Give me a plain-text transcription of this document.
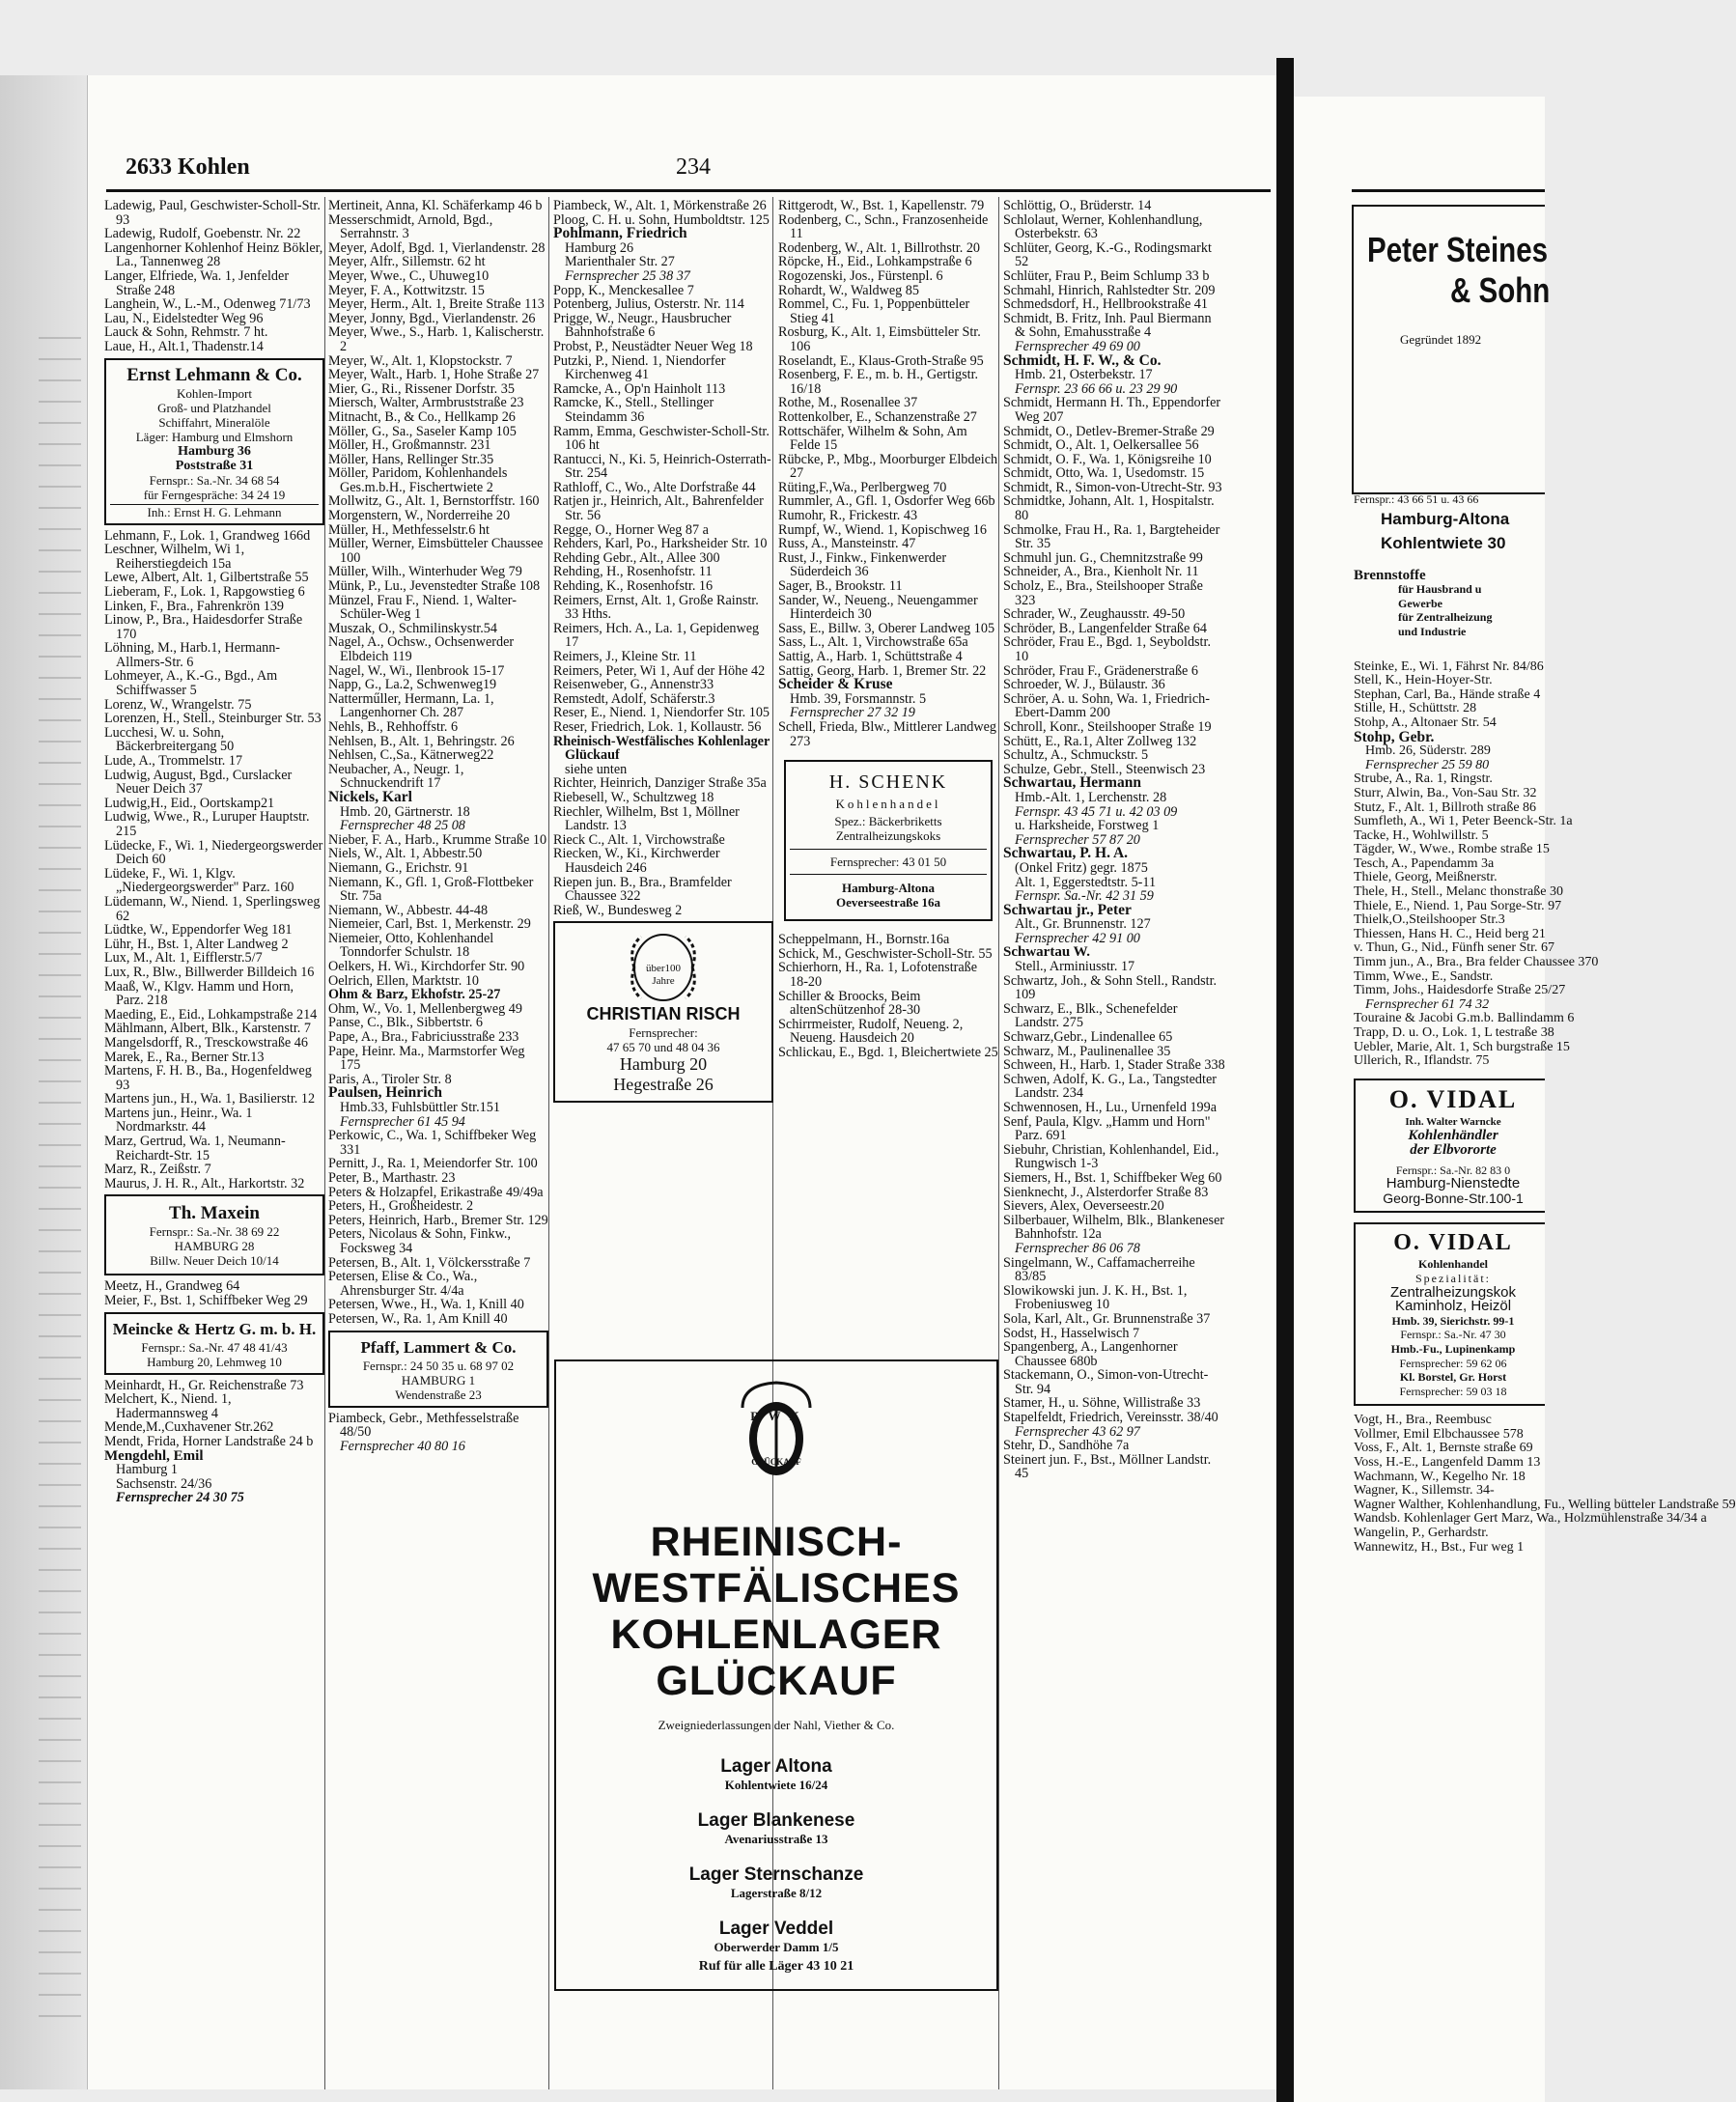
2633 Kohlen	234
Ladewig, Paul, Geschwister-Scholl-Str. 93
Ladewig, Rudolf, Goebenstr. Nr. 22
Langenhorner Kohlenhof Heinz Bökler, La., Tannenweg 28
Langer, Elfriede, Wa. 1, Jenfelder Straße 248
Langhein, W., L.-M., Odenweg 71/73
Lau, N., Eidelstedter Weg 96
Lauck & Sohn, Rehmstr. 7 ht.
Laue, H., Alt.1, Thadenstr.14
Ernst Lehmann & Co.
Kohlen-Import
Groß- und Platzhandel
Schiffahrt, Mineralöle
Läger: Hamburg und Elmshorn
Hamburg 36
Poststraße 31
Fernspr.: Sa.-Nr. 34 68 54
für Ferngespräche: 34 24 19
Inh.: Ernst H. G. Lehmann
Lehmann, F., Lok. 1, Grandweg 166d
Leschner, Wilhelm, Wi 1, Reiherstiegdeich 15a
Lewe, Albert, Alt. 1, Gilbertstraße 55
Lieberam, F., Lok. 1, Rapgowstieg 6
Linken, F., Bra., Fahrenkrön 139
Linow, P., Bra., Haidesdorfer Straße 170
Löhning, M., Harb.1, Hermann-Allmers-Str. 6
Lohmeyer, A., K.-G., Bgd., Am Schiffwasser 5
Lorenz, W., Wrangelstr. 75
Lorenzen, H., Stell., Steinburger Str. 53
Lucchesi, W. u. Sohn, Bäckerbreitergang 50
Lude, A., Trommelstr. 17
Ludwig, August, Bgd., Curslacker Neuer Deich 37
Ludwig,H., Eid., Oortskamp21
Ludwig, Wwe., R., Luruper Hauptstr. 215
Lüdecke, F., Wi. 1, Niedergeorgswerder Deich 60
Lüdeke, F., Wi. 1, Klgv. „Niedergeorgswerder" Parz. 160
Lüdemann, W., Niend. 1, Sperlingsweg 62
Lüdtke, W., Eppendorfer Weg 181
Lühr, H., Bst. 1, Alter Landweg 2
Lux, M., Alt. 1, Eifflerstr.5/7
Lux, R., Blw., Billwerder Billdeich 16
Maaß, W., Klgv. Hamm und Horn, Parz. 218
Maeding, E., Eid., Lohkampstraße 214
Mählmann, Albert, Blk., Karstenstr. 7
Mangelsdorff, R., Tresckowstraße 46
Marek, E., Ra., Berner Str.13
Martens, F. H. B., Ba., Hogenfeldweg 93
Martens jun., H., Wa. 1, Basilierstr. 12
Martens jun., Heinr., Wa. 1 Nordmarkstr. 44
Marz, Gertrud, Wa. 1, Neumann-Reichardt-Str. 15
Marz, R., Zeißstr. 7
Maurus, J. H. R., Alt., Harkortstr. 32
Th. Maxein
Fernspr.: Sa.-Nr. 38 69 22
HAMBURG 28
Billw. Neuer Deich 10/14
Meetz, H., Grandweg 64
Meier, F., Bst. 1, Schiffbeker Weg 29
Meincke & Hertz G. m. b. H.
Fernspr.: Sa.-Nr. 47 48 41/43
Hamburg 20, Lehmweg 10
Meinhardt, H., Gr. Reichenstraße 73
Melchert, K., Niend. 1, Hadermannsweg 4
Mende,M.,Cuxhavener Str.262
Mendt, Frida, Horner Landstraße 24 b
Mengdehl, Emil
Hamburg 1
Sachsenstr. 24/36
Fernsprecher 24 30 75
Mertineit, Anna, Kl. Schäferkamp 46 b
Messerschmidt, Arnold, Bgd., Serrahnstr. 3
Meyer, Adolf, Bgd. 1, Vierlandenstr. 28
Meyer, Alfr., Sillemstr. 62 ht
Meyer, Wwe., C., Uhuweg10
Meyer, F. A., Kottwitzstr. 15
Meyer, Herm., Alt. 1, Breite Straße 113
Meyer, Jonny, Bgd., Vierlandenstr. 26
Meyer, Wwe., S., Harb. 1, Kalischerstr. 2
Meyer, W., Alt. 1, Klopstockstr. 7
Meyer, Walt., Harb. 1, Hohe Straße 27
Mier, G., Ri., Rissener Dorfstr. 35
Miersch, Walter, Armbruststraße 23
Mitnacht, B., & Co., Hellkamp 26
Möller, G., Sa., Saseler Kamp 105
Möller, H., Großmannstr. 231
Möller, Hans, Rellinger Str.35
Möller, Paridom, Kohlenhandels Ges.m.b.H., Fischertwiete 2
Mollwitz, G., Alt. 1, Bernstorffstr. 160
Morgenstern, W., Norderreihe 20
Müller, H., Methfesselstr.6 ht
Müller, Werner, Eimsbütteler Chaussee 100
Müller, Wilh., Winterhuder Weg 79
Münk, P., Lu., Jevenstedter Straße 108
Münzel, Frau F., Niend. 1, Walter-Schüler-Weg 1
Muszak, O., Schmilinskystr.54
Nagel, A., Ochsw., Ochsenwerder Elbdeich 119
Nagel, W., Wi., Ilenbrook 15-17
Napp, G., La.2, Schwenweg19
Natterműller, Hermann, La. 1, Langenhorner Ch. 287
Nehls, B., Rehhoffstr. 6
Nehlsen, B., Alt. 1, Behringstr. 26
Nehlsen, C.,Sa., Kätnerweg22
Neubacher, A., Neugr. 1, Schnuckendrift 17
Nickels, Karl
Hmb. 20, Gärtnerstr. 18
Fernsprecher 48 25 08
Nieber, F. A., Harb., Krumme Straße 10
Niels, W., Alt. 1, Abbestr.50
Niemann, G., Erichstr. 91
Niemann, K., Gfl. 1, Groß-Flottbeker Str. 75a
Niemann, W., Abbestr. 44-48
Niemeier, Carl, Bst. 1, Merkenstr. 29
Niemeier, Otto, Kohlenhandel Tonndorfer Schulstr. 18
Oelkers, H. Wi., Kirchdorfer Str. 90
Oelrich, Ellen, Marktstr. 10
Ohm & Barz, Ekhofstr. 25-27
Ohm, W., Vo. 1, Mellenbergweg 49
Panse, C., Blk., Sibbertstr. 6
Pape, A., Bra., Fabriciusstraße 233
Pape, Heinr. Ma., Marmstorfer Weg 175
Paris, A., Tiroler Str. 8
Paulsen, Heinrich
Hmb.33, Fuhlsbüttler Str.151
Fernsprecher 61 45 94
Perkowic, C., Wa. 1, Schiffbeker Weg 331
Pernitt, J., Ra. 1, Meiendorfer Str. 100
Peter, B., Marthastr. 23
Peters & Holzapfel, Erikastraße 49/49a
Peters, H., Großheidestr. 2
Peters, Heinrich, Harb., Bremer Str. 129
Peters, Nicolaus & Sohn, Finkw., Focksweg 34
Petersen, B., Alt. 1, Völckersstraße 7
Petersen, Elise & Co., Wa., Ahrensburger Str. 4/4a
Petersen, Wwe., H., Wa. 1, Knill 40
Petersen, W., Ra. 1, Am Knill 40
Pfaff, Lammert & Co.
Fernspr.: 24 50 35 u. 68 97 02
HAMBURG 1
Wendenstraße 23
Piambeck, Gebr., Methfesselstraße 48/50
Fernsprecher 40 80 16
Piambeck, W., Alt. 1, Mörkenstraße 26
Ploog, C. H. u. Sohn, Humboldtstr. 125
Pohlmann, Friedrich
Hamburg 26
Marienthaler Str. 27
Fernsprecher 25 38 37
Popp, K., Menckesallee 7
Potenberg, Julius, Osterstr. Nr. 114
Prigge, W., Neugr., Hausbrucher Bahnhofstraße 6
Probst, P., Neustädter Neuer Weg 18
Putzki, P., Niend. 1, Niendorfer Kirchenweg 41
Ramcke, A., Op'n Hainholt 113
Ramcke, K., Stell., Stellinger Steindamm 36
Ramm, Emma, Geschwister-Scholl-Str. 106 ht
Rantucci, N., Ki. 5, Heinrich-Osterrath-Str. 254
Rathloff, C., Wo., Alte Dorfstraße 44
Ratjen jr., Heinrich, Alt., Bahrenfelder Str. 56
Regge, O., Horner Weg 87 a
Rehders, Karl, Po., Harksheider Str. 10
Rehding Gebr., Alt., Allee 300
Rehding, H., Rosenhofstr. 11
Rehding, K., Rosenhofstr. 16
Reimers, Ernst, Alt. 1, Große Rainstr. 33 Hths.
Reimers, Hch. A., La. 1, Gepidenweg 17
Reimers, J., Kleine Str. 11
Reimers, Peter, Wi 1, Auf der Höhe 42
Reisenweber, G., Annenstr33
Remstedt, Adolf, Schäferstr.3
Reser, E., Niend. 1, Niendorfer Str. 105
Reser, Friedrich, Lok. 1, Kollaustr. 56
Rheinisch-Westfälisches Kohlenlager Glückauf
siehe unten
Richter, Heinrich, Danziger Straße 35a
Riebesell, W., Schultzweg 18
Riechler, Wilhelm, Bst 1, Möllner Landstr. 13
Rieck C., Alt. 1, Virchowstraße
Riecken, W., Ki., Kirchwerder Hausdeich 246
Riepen jun. B., Bra., Bramfelder Chaussee 322
Rieß, W., Bundesweg 2
über100
Jahre
CHRISTIAN RISCH
Fernsprecher:
47 65 70 und 48 04 36
Hamburg 20
Hegestraße 26
Rittgerodt, W., Bst. 1, Kapellenstr. 79
Rodenberg, C., Schn., Franzosenheide 11
Rodenberg, W., Alt. 1, Billrothstr. 20
Röpcke, H., Eid., Lohkampstraße 6
Rogozenski, Jos., Fürstenpl. 6
Rohardt, W., Waldweg 85
Rommel, C., Fu. 1, Poppenbütteler Stieg 41
Rosburg, K., Alt. 1, Eimsbütteler Str. 106
Roselandt, E., Klaus-Groth-Straße 95
Rosenberg, F. E., m. b. H., Gertigstr. 16/18
Rothe, M., Rosenallee 37
Rottenkolber, E., Schanzenstraße 27
Rottschäfer, Wilhelm & Sohn, Am Felde 15
Rübcke, P., Mbg., Moorburger Elbdeich 27
Rüting,F.,Wa., Perlbergweg 70
Rummler, A., Gfl. 1, Osdorfer Weg 66b
Rumohr, R., Frickestr. 43
Rumpf, W., Wiend. 1, Kopischweg 16
Russ, A., Mansteinstr. 47
Rust, J., Finkw., Finkenwerder Süderdeich 36
Sager, B., Brookstr. 11
Sander, W., Neueng., Neuengammer Hinterdeich 30
Sass, E., Billw. 3, Oberer Landweg 105
Sass, L., Alt. 1, Virchowstraße 65a
Sattig, A., Harb. 1, Schüttstraße 4
Sattig, Georg, Harb. 1, Bremer Str. 22
Scheider & Kruse
Hmb. 39, Forsmannstr. 5
Fernsprecher 27 32 19
Schell, Frieda, Blw., Mittlerer Landweg 273
H. SCHENK
Kohlenhandel
Spez.: Bäckerbriketts
Zentralheizungskoks
Fernsprecher: 43 01 50
Hamburg-Altona
Oeverseestraße 16a
Scheppelmann, H., Bornstr.16a
Schick, M., Geschwister-Scholl-Str. 55
Schierhorn, H., Ra. 1, Lofotenstraße 18-20
Schiller & Broocks, Beim altenSchützenhof 28-30
Schirrmeister, Rudolf, Neueng. 2, Neueng. Hausdeich 20
Schlickau, E., Bgd. 1, Bleichertwiete 25
R W K
GLÜCKAUF
RHEINISCH-
WESTFÄLISCHES
KOHLENLAGER
GLÜCKAUF
Zweigniederlassungen der Nahl, Viether & Co.
Lager Altona
Kohlentwiete 16/24
Lager Blankenese
Avenariusstraße 13
Lager Sternschanze
Lagerstraße 8/12
Lager Veddel
Oberwerder Damm 1/5
Ruf für alle Läger 43 10 21
Schlöttig, O., Brüderstr. 14
Schlolaut, Werner, Kohlenhandlung, Osterbekstr. 63
Schlüter, Georg, K.-G., Rodingsmarkt 52
Schlüter, Frau P., Beim Schlump 33 b
Schmahl, Hinrich, Rahlstedter Str. 209
Schmedsdorf, H., Hellbrookstraße 41
Schmidt, B. Fritz, Inh. Paul Biermann & Sohn, Emahusstraße 4
Fernsprecher 49 69 00
Schmidt, H. F. W., & Co.
Hmb. 21, Osterbekstr. 17
Fernspr. 23 66 66 u. 23 29 90
Schmidt, Hermann H. Th., Eppendorfer Weg 207
Schmidt, O., Detlev-Bremer-Straße 29
Schmidt, O., Alt. 1, Oelkersallee 56
Schmidt, O. F., Wa. 1, Königsreihe 10
Schmidt, Otto, Wa. 1, Usedomstr. 15
Schmidt, R., Simon-von-Utrecht-Str. 93
Schmidtke, Johann, Alt. 1, Hospitalstr. 80
Schmolke, Frau H., Ra. 1, Bargteheider Str. 35
Schmuhl jun. G., Chemnitzstraße 99
Schneider, A., Bra., Kienholt Nr. 11
Scholz, E., Bra., Steilshooper Straße 323
Schrader, W., Zeughausstr. 49-50
Schröder, B., Langenfelder Straße 64
Schröder, Frau E., Bgd. 1, Seyboldstr. 10
Schröder, Frau F., Grädenerstraße 6
Schroeder, W. J., Bülaustr. 36
Schröer, A. u. Sohn, Wa. 1, Friedrich-Ebert-Damm 200
Schroll, Konr., Steilshooper Straße 19
Schütt, E., Ra.1, Alter Zollweg 132
Schultz, A., Schmuckstr. 5
Schulze, Gebr., Stell., Steenwisch 23
Schwartau, Hermann
Hmb.-Alt. 1, Lerchenstr. 28
Fernspr. 43 45 71 u. 42 03 09
u. Harksheide, Forstweg 1
Fernsprecher 57 87 20
Schwartau, P. H. A.
(Onkel Fritz) gegr. 1875
Alt. 1, Eggerstedtstr. 5-11
Fernspr. Sa.-Nr. 42 31 59
Schwartau jr., Peter
Alt., Gr. Brunnenstr. 127
Fernsprecher 42 91 00
Schwartau W.
Stell., Arminiusstr. 17
Schwartz, Joh., & Sohn Stell., Randstr. 109
Schwarz, E., Blk., Schenefelder Landstr. 275
Schwarz,Gebr., Lindenallee 65
Schwarz, M., Paulinenallee 35
Schween, H., Harb. 1, Stader Straße 338
Schwen, Adolf, K. G., La., Tangstedter Landstr. 234
Schwennosen, H., Lu., Urnenfeld 199a
Senf, Paula, Klgv. „Hamm und Horn" Parz. 691
Siebuhr, Christian, Kohlenhandel, Eid., Rungwisch 1-3
Siemers, H., Bst. 1, Schiffbeker Weg 60
Sienknecht, J., Alsterdorfer Straße 83
Sievers, Alex, Oeverseestr.20
Silberbauer, Wilhelm, Blk., Blankeneser Bahnhofstr. 12a
Fernsprecher 86 06 78
Singelmann, W., Caffamacherreihe 83/85
Slowikowski jun. J. K. H., Bst. 1, Frobeniusweg 10
Sola, Karl, Alt., Gr. Brunnenstraße 37
Sodst, H., Hasselwisch 7
Spangenberg, A., Langenhorner Chaussee 680b
Stackemann, O., Simon-von-Utrecht-Str. 94
Stamer, H., u. Söhne, Willistraße 33
Stapelfeldt, Friedrich, Vereinsstr. 38/40
Fernsprecher 43 62 97
Stehr, D., Sandhöhe 7a
Steinert jun. F., Bst., Möllner Landstr. 45
Peter Steines
& Sohn
Gegründet 1892
Fernspr.: 43 66 51 u. 43 66
Hamburg-Altona
Kohlentwiete 30
Brennstoffe
für Hausbrand u
Gewerbe
für Zentralheizung
und Industrie
Steinke, E., Wi. 1, Fährst Nr. 84/86
Stell, K., Hein-Hoyer-Str.
Stephan, Carl, Ba., Hände straße 4
Stille, H., Schüttstr. 28
Stohp, A., Altonaer Str. 54
Stohp, Gebr.
Hmb. 26, Süderstr. 289
Fernsprecher 25 59 80
Strube, A., Ra. 1, Ringstr.
Sturr, Alwin, Ba., Von-Sau Str. 32
Stutz, F., Alt. 1, Billroth straße 86
Sumfleth, A., Wi 1, Peter Beenck-Str. 1a
Tacke, H., Wohlwillstr. 5
Tägder, W., Wwe., Rombe straße 15
Tesch, A., Papendamm 3a
Thiele, Georg, Meißnerstr.
Thele, H., Stell., Melanc thonstraße 30
Thiele, E., Niend. 1, Pau Sorge-Str. 97
Thielk,O.,Steilshooper Str.3
Thiessen, Hans H. C., Heid berg 21
v. Thun, G., Nid., Fünfh sener Str. 67
Timm jun., A., Bra., Bra felder Chaussee 370
Timm, Wwe., E., Sandstr.
Timm, Johs., Haidesdorfe Straße 25/27
Fernsprecher 61 74 32
Touraine & Jacobi G.m.b. Ballindamm 6
Trapp, D. u. O., Lok. 1, L testraße 38
Uebler, Marie, Alt. 1, Sch burgstraße 15
Ullerich, R., Iflandstr. 75
O. VIDAL
Inh. Walter Warncke
Kohlenhändler
der Elbvororte
Fernspr.: Sa.-Nr. 82 83 0
Hamburg-Nienstedte
Georg-Bonne-Str.100-1
O. VIDAL
Kohlenhandel
Spezialität:
Zentralheizungskok
Kaminholz, Heizöl
Hmb. 39, Sierichstr. 99-1
Fernspr.: Sa.-Nr. 47 30
Hmb.-Fu., Lupinenkamp
Fernsprecher: 59 62 06
Kl. Borstel, Gr. Horst
Fernsprecher: 59 03 18
Vogt, H., Bra., Reembusc
Vollmer, Emil Elbchaussee 578
Voss, F., Alt. 1, Bernste straße 69
Voss, H.-E., Langenfeld Damm 13
Wachmann, W., Kegelho Nr. 18
Wagner, K., Sillemstr. 34-
Wagner Walther, Kohlenhandlung, Fu., Welling bütteler Landstraße 59
Wandsb. Kohlenlager Gert Marz, Wa., Holzmühlenstraße 34/34 a
Wangelin, P., Gerhardstr.
Wannewitz, H., Bst., Fur weg 1
